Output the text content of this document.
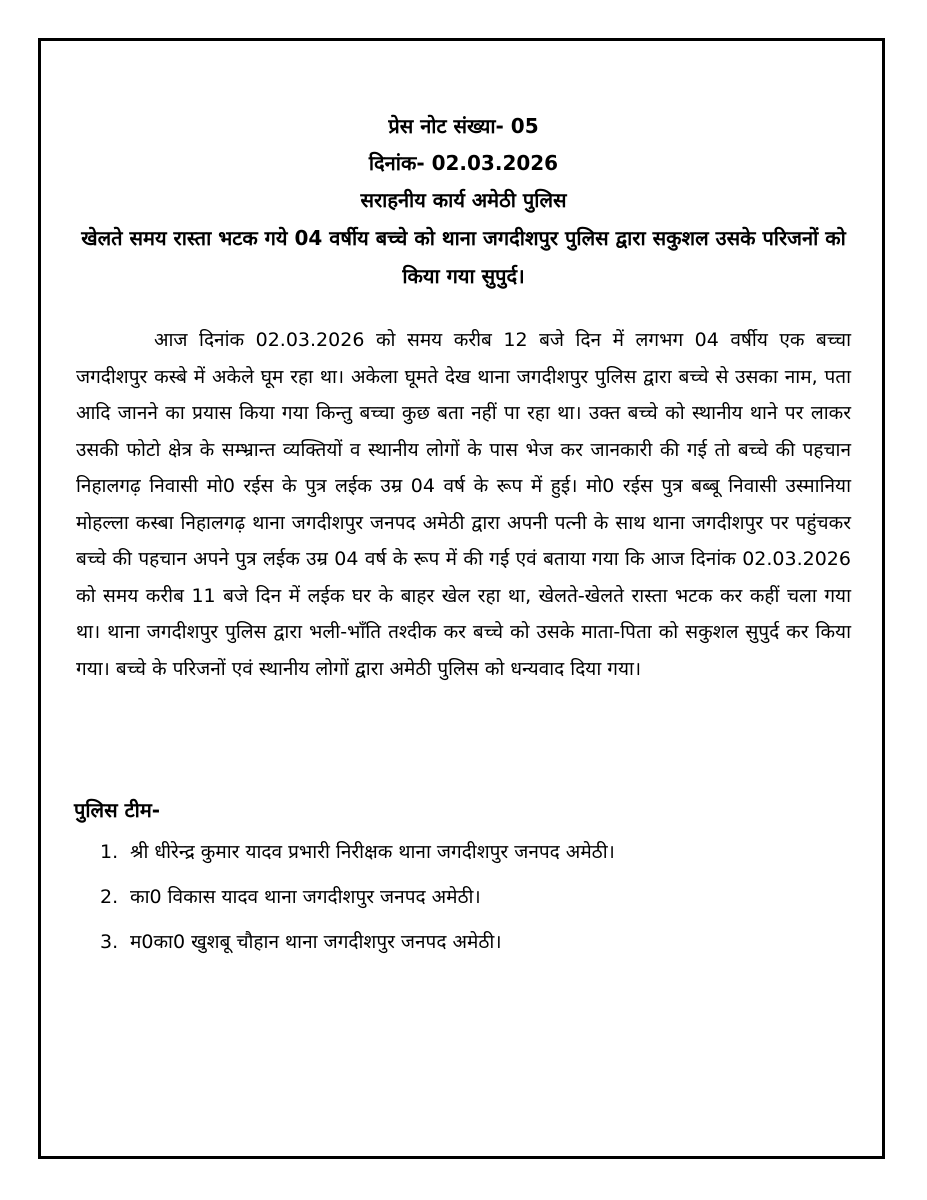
प्रेस नोट संख्या- 05
दिनांक- 02.03.2026
सराहनीय कार्य अमेठी पुलिस
खेलते समय रास्ता भटक गये 04 वर्षीय बच्चे को थाना जगदीशपुर पुलिस द्वारा सकुशल उसके परिजनों को किया गया सुपुर्द।

आज दिनांक 02.03.2026 को समय करीब 12 बजे दिन में लगभग 04 वर्षीय एक बच्चा जगदीशपुर कस्बे में अकेले घूम रहा था। अकेला घूमते देख थाना जगदीशपुर पुलिस द्वारा बच्चे से उसका नाम, पता आदि जानने का प्रयास किया गया किन्तु बच्चा कुछ बता नहीं पा रहा था। उक्त बच्चे को स्थानीय थाने पर लाकर उसकी फोटो क्षेत्र के सम्भ्रान्त व्यक्तियों व स्थानीय लोगों के पास भेज कर जानकारी की गई तो बच्चे की पहचान निहालगढ़ निवासी मो0 रईस के पुत्र लईक उम्र 04 वर्ष के रूप में हुई। मो0 रईस पुत्र बब्बू निवासी उस्मानिया मोहल्ला कस्बा निहालगढ़ थाना जगदीशपुर जनपद अमेठी द्वारा अपनी पत्नी के साथ थाना जगदीशपुर पर पहुंचकर बच्चे की पहचान अपने पुत्र लईक उम्र 04 वर्ष के रूप में की गई एवं बताया गया कि आज दिनांक 02.03.2026 को समय करीब 11 बजे दिन में लईक घर के बाहर खेल रहा था, खेलते-खेलते रास्ता भटक कर कहीं चला गया था। थाना जगदीशपुर पुलिस द्वारा भली-भाँति तश्दीक कर बच्चे को उसके माता-पिता को सकुशल सुपुर्द कर किया गया। बच्चे के परिजनों एवं स्थानीय लोगों द्वारा अमेठी पुलिस को धन्यवाद दिया गया।

पुलिस टीम-

1. श्री धीरेन्द्र कुमार यादव प्रभारी निरीक्षक थाना जगदीशपुर जनपद अमेठी।
2. का0 विकास यादव थाना जगदीशपुर जनपद अमेठी।
3. म0का0 खुशबू चौहान थाना जगदीशपुर जनपद अमेठी।
